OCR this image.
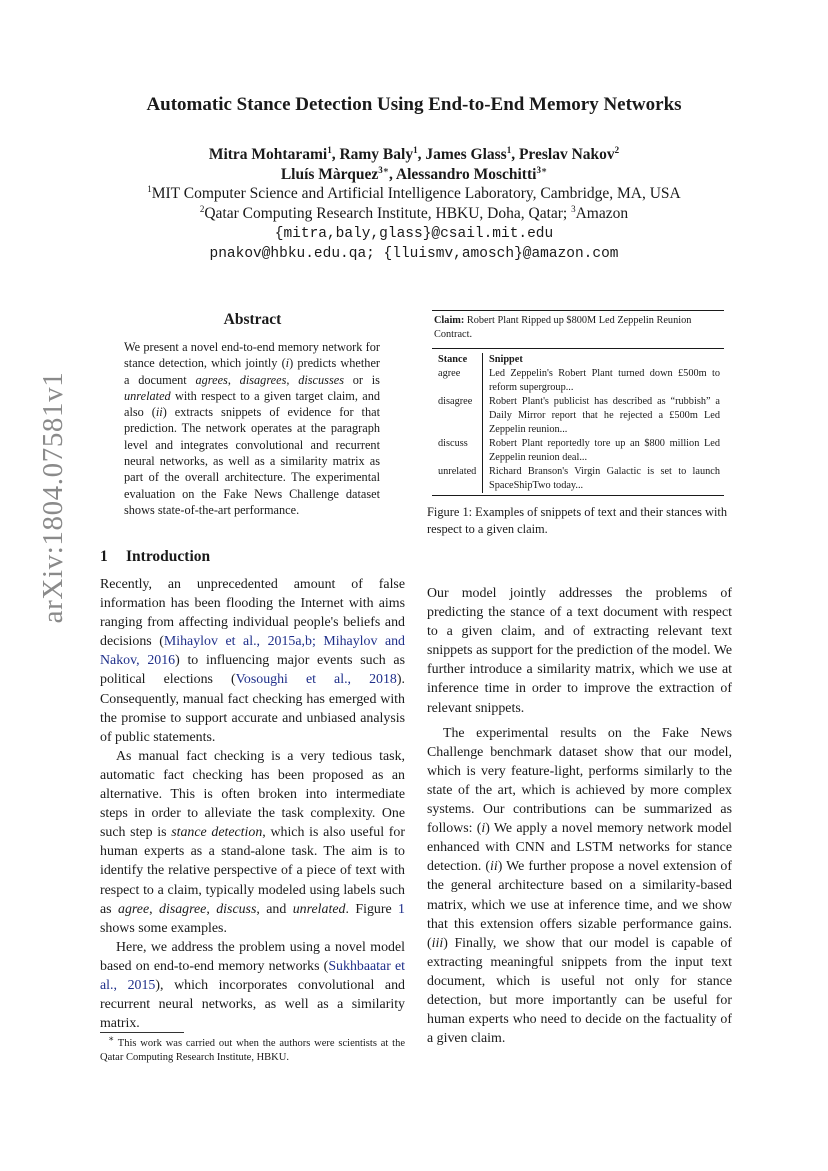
arXiv:1804.07581v1  [cs.CL]  20 Apr 2018	Automatic Stance Detection Using End-to-End Memory Networks
Mitra Mohtarami$^1$, Ramy Baly$^1$, James Glass$^1$, Preslav Nakov$^2$
Lluís Màrquez$^{3∗}$, Alessandro Moschitti$^{3∗}$
$^1$MIT Computer Science and Artificial Intelligence Laboratory, Cambridge, MA, USA
$^2$Qatar Computing Research Institute, HBKU, Doha, Qatar; $^3$Amazon
{mitra,baly,glass}@csail.mit.edu
pnakov@hbku.edu.qa; {lluismv,amosch}@amazon.com
Abstract
We present a novel end-to-end memory network for stance detection, which jointly (i) predicts whether a document agrees, disagrees, discusses or is unrelated with respect to a given target claim, and also (ii) extracts snippets of evidence for that prediction. The network operates at the paragraph level and integrates convolutional and recurrent neural networks, as well as a similarity matrix as part of the overall architecture. The experimental evaluation on the Fake News Challenge dataset shows state-of-the-art performance.
1 Introduction

Recently, an unprecedented amount of false information has been flooding the Internet with aims ranging from affecting individual people's beliefs and decisions (Mihaylov et al., 2015a,b; Mihaylov and Nakov, 2016) to influencing major events such as political elections (Vosoughi et al., 2018). Consequently, manual fact checking has emerged with the promise to support accurate and unbiased analysis of public statements.

As manual fact checking is a very tedious task, automatic fact checking has been proposed as an alternative. This is often broken into intermediate steps in order to alleviate the task complexity. One such step is stance detection, which is also useful for human experts as a stand-alone task. The aim is to identify the relative perspective of a piece of text with respect to a claim, typically modeled using labels such as agree, disagree, discuss, and unrelated. Figure 1 shows some examples.

Here, we address the problem using a novel model based on end-to-end memory networks (Sukhbaatar et al., 2015), which incorporates convolutional and recurrent neural networks, as well as a similarity matrix.

∗ This work was carried out when the authors were scientists at the Qatar Computing Research Institute, HBKU.
Claim: Robert Plant Ripped up $800M Led Zeppelin Reunion Contract.
Stance	Snippet
agree	Led Zeppelin's Robert Plant turned down £500m to reform supergroup...
disagree	Robert Plant's publicist has described as “rubbish” a Daily Mirror report that he rejected a £500m Led Zeppelin reunion...
discuss	Robert Plant reportedly tore up an $800 million Led Zeppelin reunion deal...
unrelated	Richard Branson's Virgin Galactic is set to launch SpaceShipTwo today...
Figure 1: Examples of snippets of text and their stances with respect to a given claim.

Our model jointly addresses the problems of predicting the stance of a text document with respect to a given claim, and of extracting relevant text snippets as support for the prediction of the model. We further introduce a similarity matrix, which we use at inference time in order to improve the extraction of relevant snippets.

The experimental results on the Fake News Challenge benchmark dataset show that our model, which is very feature-light, performs similarly to the state of the art, which is achieved by more complex systems. Our contributions can be summarized as follows: (i) We apply a novel memory network model enhanced with CNN and LSTM networks for stance detection. (ii) We further propose a novel extension of the general architecture based on a similarity-based matrix, which we use at inference time, and we show that this extension offers sizable performance gains. (iii) Finally, we show that our model is capable of extracting meaningful snippets from the input text document, which is useful not only for stance detection, but more importantly can be useful for human experts who need to decide on the factuality of a given claim.
